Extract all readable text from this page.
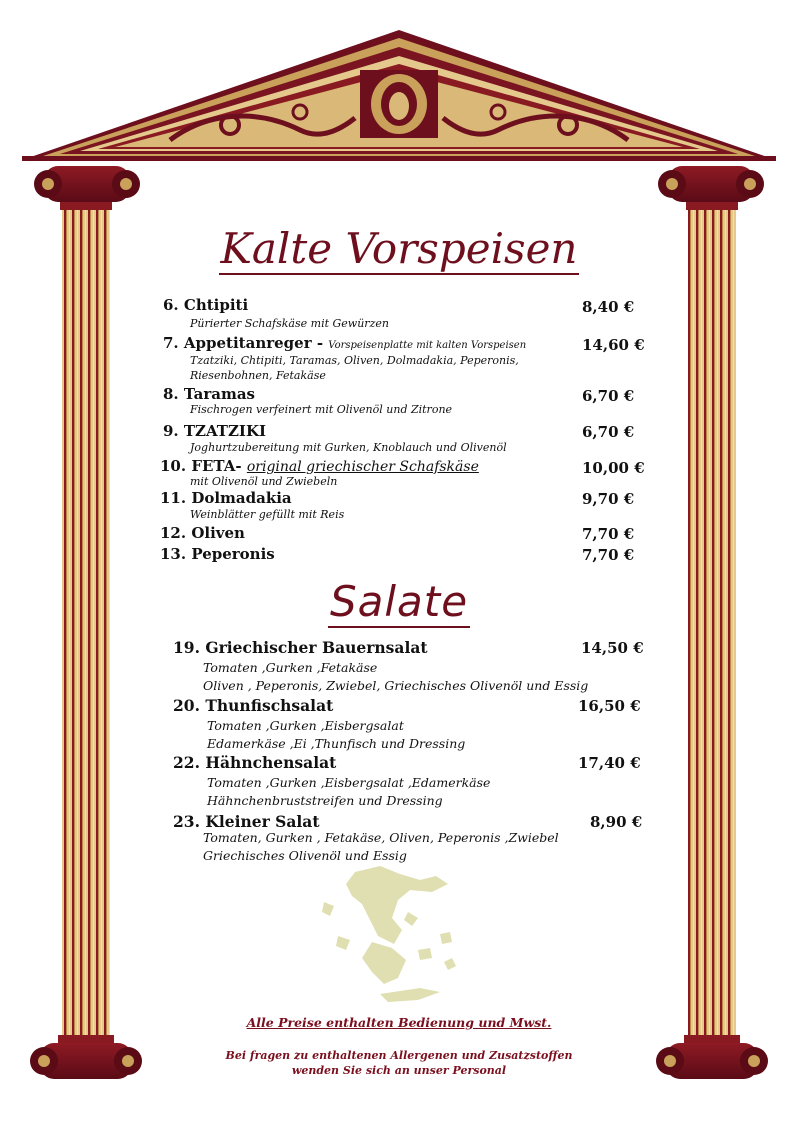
Kalte Vorspeisen
6. Chtipiti	8,40 €
Pürierter Schafskäse mit Gewürzen
7. Appetitanreger - Vorspeisenplatte mit kalten Vorspeisen	14,60 €
Tzatziki, Chtipiti, Taramas, Oliven, Dolmadakia, Peperonis,
Riesenbohnen, Fetakäse
8. Taramas	6,70 €
Fischrogen verfeinert mit Olivenöl und Zitrone
9. TZATZIKI	6,70 €
Joghurtzubereitung mit Gurken, Knoblauch und Olivenöl
10. FETA- original griechischer Schafskäse	10,00 €
mit Olivenöl und Zwiebeln
11. Dolmadakia	9,70 €
Weinblätter gefüllt mit Reis
12. Oliven	7,70 €
13. Peperonis	7,70 €
Salate
19. Griechischer Bauernsalat	14,50 €
Tomaten ,Gurken ,Fetakäse
Oliven , Peperonis, Zwiebel, Griechisches Olivenöl und Essig
20. Thunfischsalat	16,50 €
Tomaten ,Gurken ,Eisbergsalat
Edamerkäse ,Ei ,Thunfisch und Dressing
22. Hähnchensalat	17,40 €
Tomaten ,Gurken ,Eisbergsalat ,Edamerkäse
Hähnchenbruststreifen und Dressing
23. Kleiner Salat	8,90 €
Tomaten, Gurken , Fetakäse, Oliven, Peperonis ,Zwiebel
Griechisches Olivenöl und Essig
Alle Preise enthalten Bedienung und Mwst.
Bei fragen zu enthaltenen Allergenen und Zusatzstoffen
wenden Sie sich an unser Personal
